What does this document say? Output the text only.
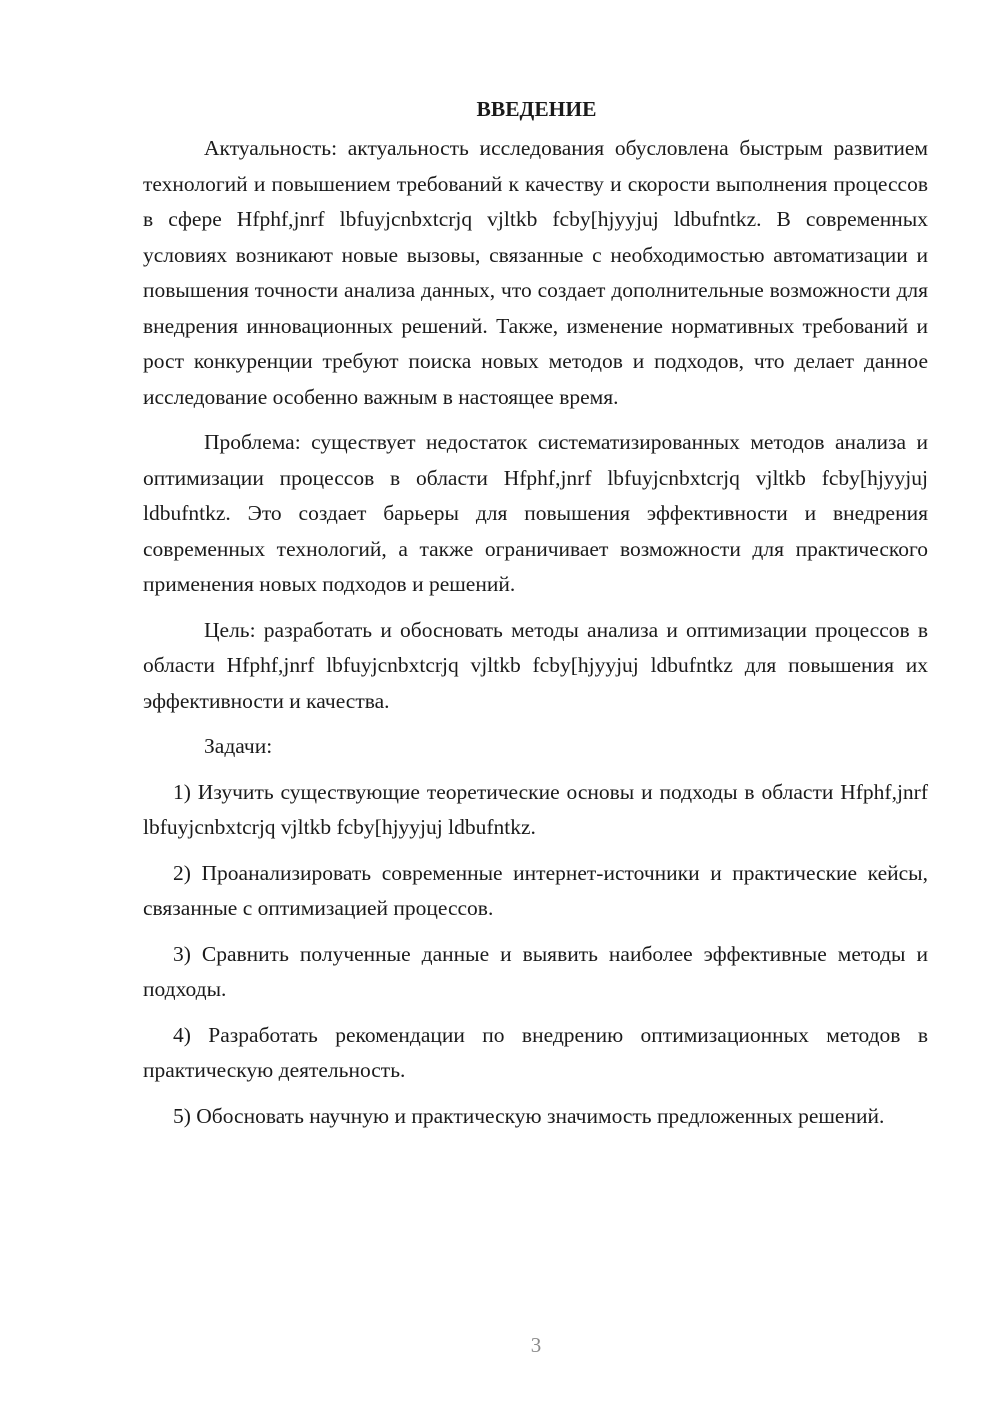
ВВЕДЕНИЕ

Актуальность: актуальность исследования обусловлена быстрым развитием технологий и повышением требований к качеству и скорости выполнения процессов в сфере Hfphf,jnrf lbfuyjcnbxtcrjq vjltkb fcby[hjyyjuj ldbufntkz. В современных условиях возникают новые вызовы, связанные с необходимостью автоматизации и повышения точности анализа данных, что создает дополнительные возможности для внедрения инновационных решений. Также, изменение нормативных требований и рост конкуренции требуют поиска новых методов и подходов, что делает данное исследование особенно важным в настоящее время.

Проблема: существует недостаток систематизированных методов анализа и оптимизации процессов в области Hfphf,jnrf lbfuyjcnbxtcrjq vjltkb fcby[hjyyjuj ldbufntkz. Это создает барьеры для повышения эффективности и внедрения современных технологий, а также ограничивает возможности для практического применения новых подходов и решений.

Цель: разработать и обосновать методы анализа и оптимизации процессов в области Hfphf,jnrf lbfuyjcnbxtcrjq vjltkb fcby[hjyyjuj ldbufntkz для повышения их эффективности и качества.

Задачи:

1) Изучить существующие теоретические основы и подходы в области Hfphf,jnrf lbfuyjcnbxtcrjq vjltkb fcby[hjyyjuj ldbufntkz.

2) Проанализировать современные интернет-источники и практические кейсы, связанные с оптимизацией процессов.

3) Сравнить полученные данные и выявить наиболее эффективные методы и подходы.

4) Разработать рекомендации по внедрению оптимизационных методов в практическую деятельность.

5) Обосновать научную и практическую значимость предложенных решений.

3
